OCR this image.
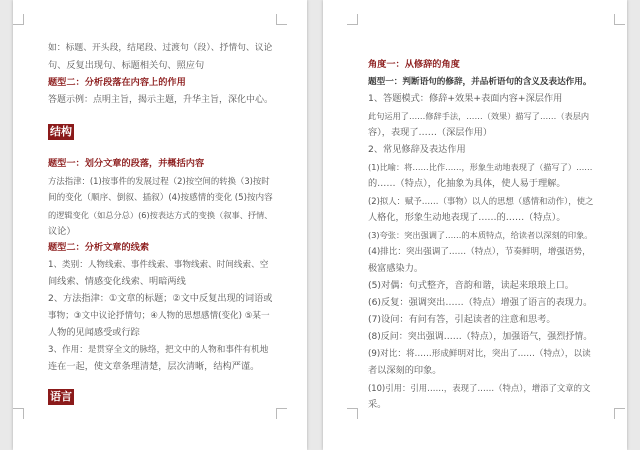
如：标题、开头段，结尾段、过渡句（段）、抒情句、议论
句、反复出现句、标题相关句、照应句
题型二：分析段落在内容上的作用
答题示例：点明主旨，揭示主题，升华主旨，深化中心。
结构
题型一：划分文章的段落，并概括内容
方法指津：(1)按事件的发展过程（2)按空间的转换（3)按时
间的变化（顺序、倒叙、插叙）(4)按感情的变化 (5)按内容
的逻辑变化（如总分总）(6)按表达方式的变换（叙事、抒情、
议论）
题型二：分析文章的线索
1、类别：人物线索、事件线索、事物线索、时间线索、空
间线索、情感变化线索、明暗两线
2、方法指津：①文章的标题；②文中反复出现的词语或
事物；③文中议论抒情句；④人物的思想感情(变化) ⑤某一
人物的见闻感受或行踪
3、作用：是贯穿全文的脉络，把文中的人物和事件有机地
连在一起，使文章条理清楚，层次清晰，结构严谨。
语言
角度一：从修辞的角度
题型一：判断语句的修辞，并品析语句的含义及表达作用。
1、答题模式：修辞+效果+表面内容+深层作用
此句运用了……修辞手法，……（效果）描写了……（表层内
容），表现了……（深层作用）
2、常见修辞及表达作用
(1)比喻：将……比作……，形象生动地表现了（描写了）……
的……（特点），化抽象为具体，使人易于理解。
(2)拟人：赋予……（事物）以人的思想（感情和动作），使之
人格化，形象生动地表现了……的……（特点）。
(3)夸张：突出强调了……的本质特点，给读者以深刻的印象。
(4)排比：突出强调了……（特点），节奏鲜明，增强语势，
极富感染力。
(5)对偶：句式整齐，音韵和谐，读起来琅琅上口。
(6)反复：强调突出……（特点）增强了语言的表现力。
(7)设问：有问有答，引起读者的注意和思考。
(8)反问：突出强调……（特点），加强语气，强烈抒情。
(9)对比：将……形成鲜明对比，突出了……（特点），以读
者以深刻的印象。
(10)引用：引用……，表现了……（特点），增添了文章的文
采。
